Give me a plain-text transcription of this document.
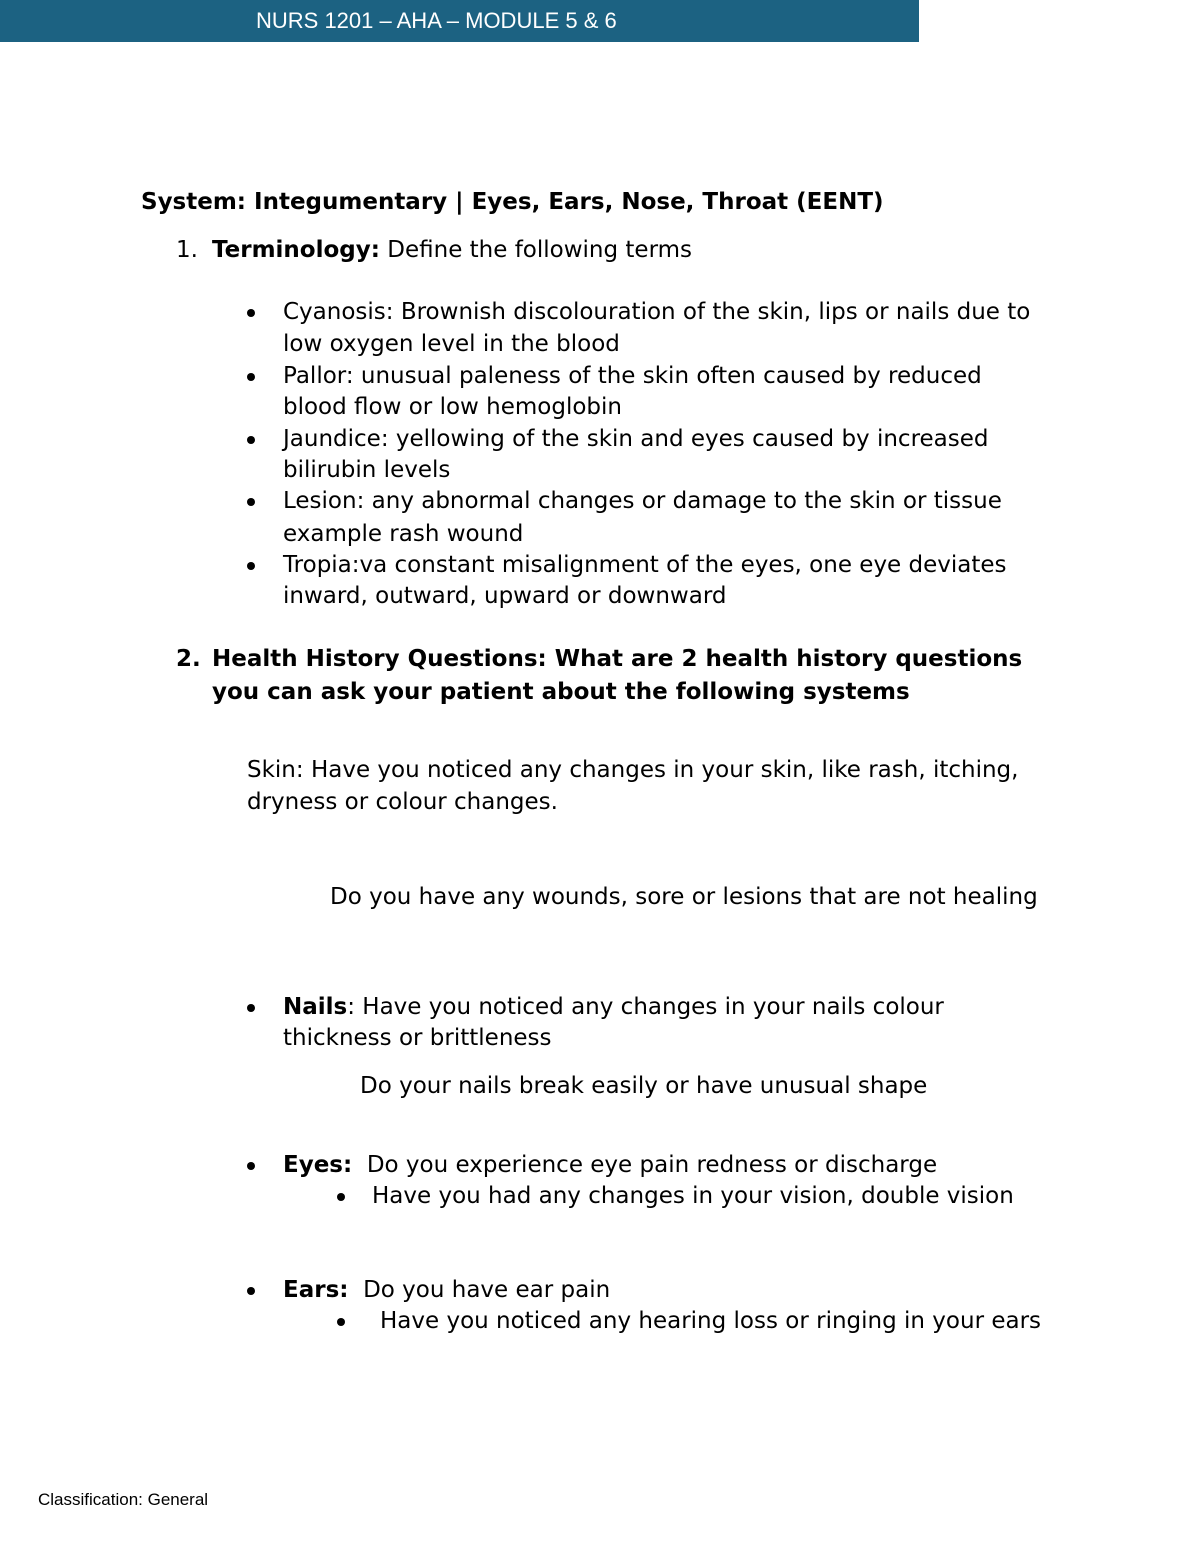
NURS 1201 – AHA – MODULE 5 & 6
System: Integumentary | Eyes, Ears, Nose, Throat (EENT)
1. Terminology: Define the following terms
Cyanosis: Brownish discolouration of the skin, lips or nails due to
low oxygen level in the blood
Pallor: unusual paleness of the skin often caused by reduced
blood flow or low hemoglobin
Jaundice: yellowing of the skin and eyes caused by increased
bilirubin levels
Lesion: any abnormal changes or damage to the skin or tissue
example rash wound
Tropia:va constant misalignment of the eyes, one eye deviates
inward, outward, upward or downward
2. Health History Questions: What are 2 health history questions
you can ask your patient about the following systems
Skin: Have you noticed any changes in your skin, like rash, itching,
dryness or colour changes.
Do you have any wounds, sore or lesions that are not healing
Nails: Have you noticed any changes in your nails colour
thickness or brittleness
Do your nails break easily or have unusual shape
Eyes:  Do you experience eye pain redness or discharge
Have you had any changes in your vision, double vision
Ears:  Do you have ear pain
Have you noticed any hearing loss or ringing in your ears
Classification: General
